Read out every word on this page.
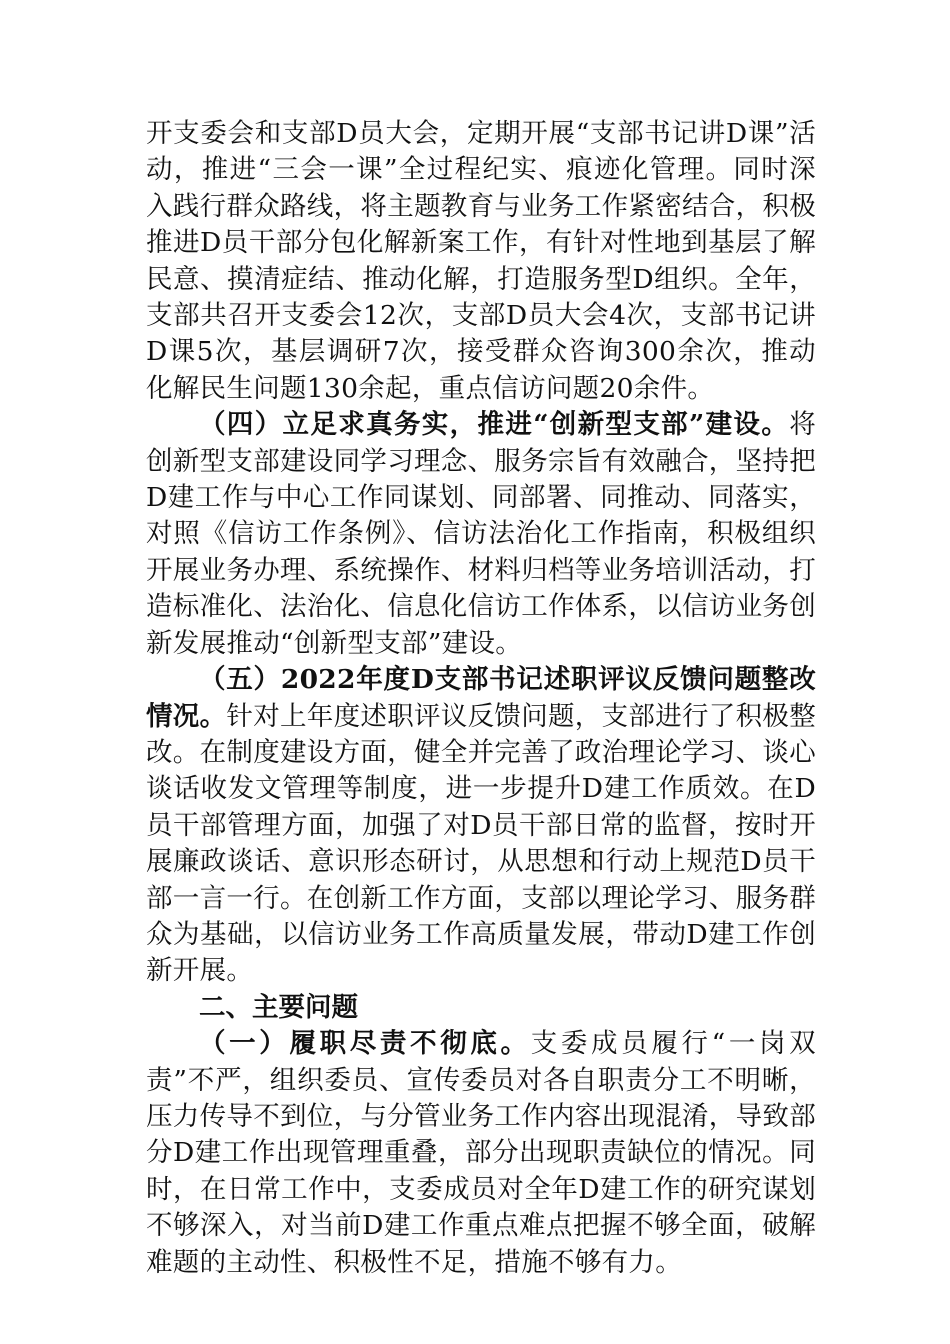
开支委会和支部D员大会，定期开展“支部书记讲D课”活动，推进“三会一课”全过程纪实、痕迹化管理。同时深入践行群众路线，将主题教育与业务工作紧密结合，积极推进D员干部分包化解新案工作，有针对性地到基层了解民意、摸清症结、推动化解，打造服务型D组织。全年，支部共召开支委会12次，支部D员大会4次，支部书记讲D课5次，基层调研7次，接受群众咨询300余次，推动化解民生问题130余起，重点信访问题20余件。

（四）立足求真务实，推进“创新型支部”建设。将创新型支部建设同学习理念、服务宗旨有效融合，坚持把D建工作与中心工作同谋划、同部署、同推动、同落实，对照《信访工作条例》、信访法治化工作指南，积极组织开展业务办理、系统操作、材料归档等业务培训活动，打造标准化、法治化、信息化信访工作体系，以信访业务创新发展推动“创新型支部”建设。

（五）2022年度D支部书记述职评议反馈问题整改情况。针对上年度述职评议反馈问题，支部进行了积极整改。在制度建设方面，健全并完善了政治理论学习、谈心谈话收发文管理等制度，进一步提升D建工作质效。在D员干部管理方面，加强了对D员干部日常的监督，按时开展廉政谈话、意识形态研讨，从思想和行动上规范D员干部一言一行。在创新工作方面，支部以理论学习、服务群众为基础，以信访业务工作高质量发展，带动D建工作创新开展。

二、主要问题

（一）履职尽责不彻底。支委成员履行“一岗双责”不严，组织委员、宣传委员对各自职责分工不明晰，压力传导不到位，与分管业务工作内容出现混淆，导致部分D建工作出现管理重叠，部分出现职责缺位的情况。同时，在日常工作中，支委成员对全年D建工作的研究谋划不够深入，对当前D建工作重点难点把握不够全面，破解难题的主动性、积极性不足，措施不够有力。
